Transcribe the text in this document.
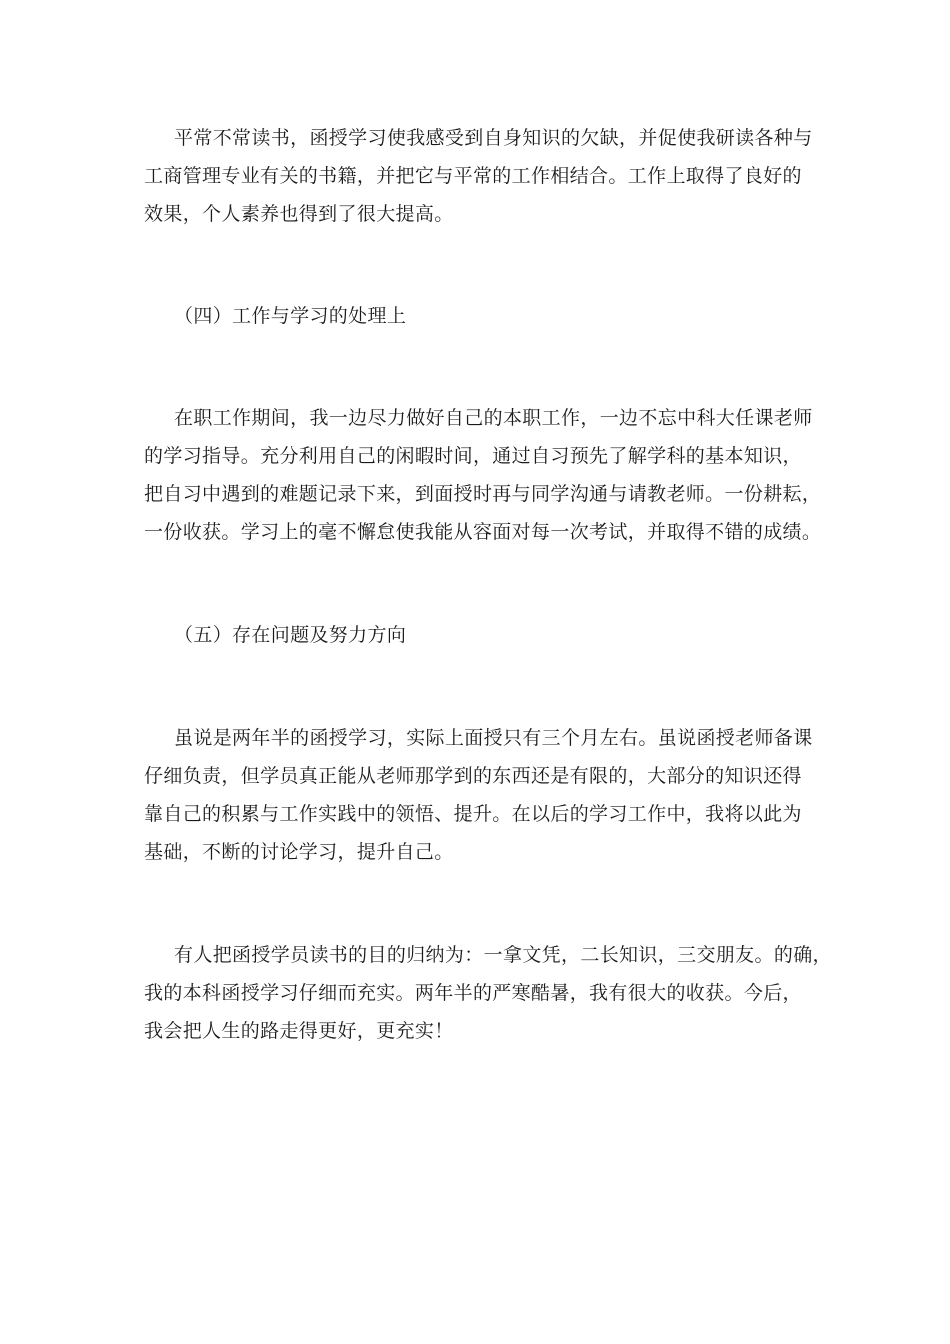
平常不常读书，函授学习使我感受到自身知识的欠缺，并促使我研读各种与
工商管理专业有关的书籍，并把它与平常的工作相结合。工作上取得了良好的
效果，个人素养也得到了很大提高。
（四）工作与学习的处理上
在职工作期间，我一边尽力做好自己的本职工作，一边不忘中科大任课老师
的学习指导。充分利用自己的闲暇时间，通过自习预先了解学科的基本知识，
把自习中遇到的难题记录下来，到面授时再与同学沟通与请教老师。一份耕耘，
一份收获。学习上的毫不懈怠使我能从容面对每一次考试，并取得不错的成绩。
（五）存在问题及努力方向
虽说是两年半的函授学习，实际上面授只有三个月左右。虽说函授老师备课
仔细负责，但学员真正能从老师那学到的东西还是有限的，大部分的知识还得
靠自己的积累与工作实践中的领悟、提升。在以后的学习工作中，我将以此为
基础，不断的讨论学习，提升自己。
有人把函授学员读书的目的归纳为：一拿文凭，二长知识，三交朋友。的确，
我的本科函授学习仔细而充实。两年半的严寒酷暑，我有很大的收获。今后，
我会把人生的路走得更好，更充实！
